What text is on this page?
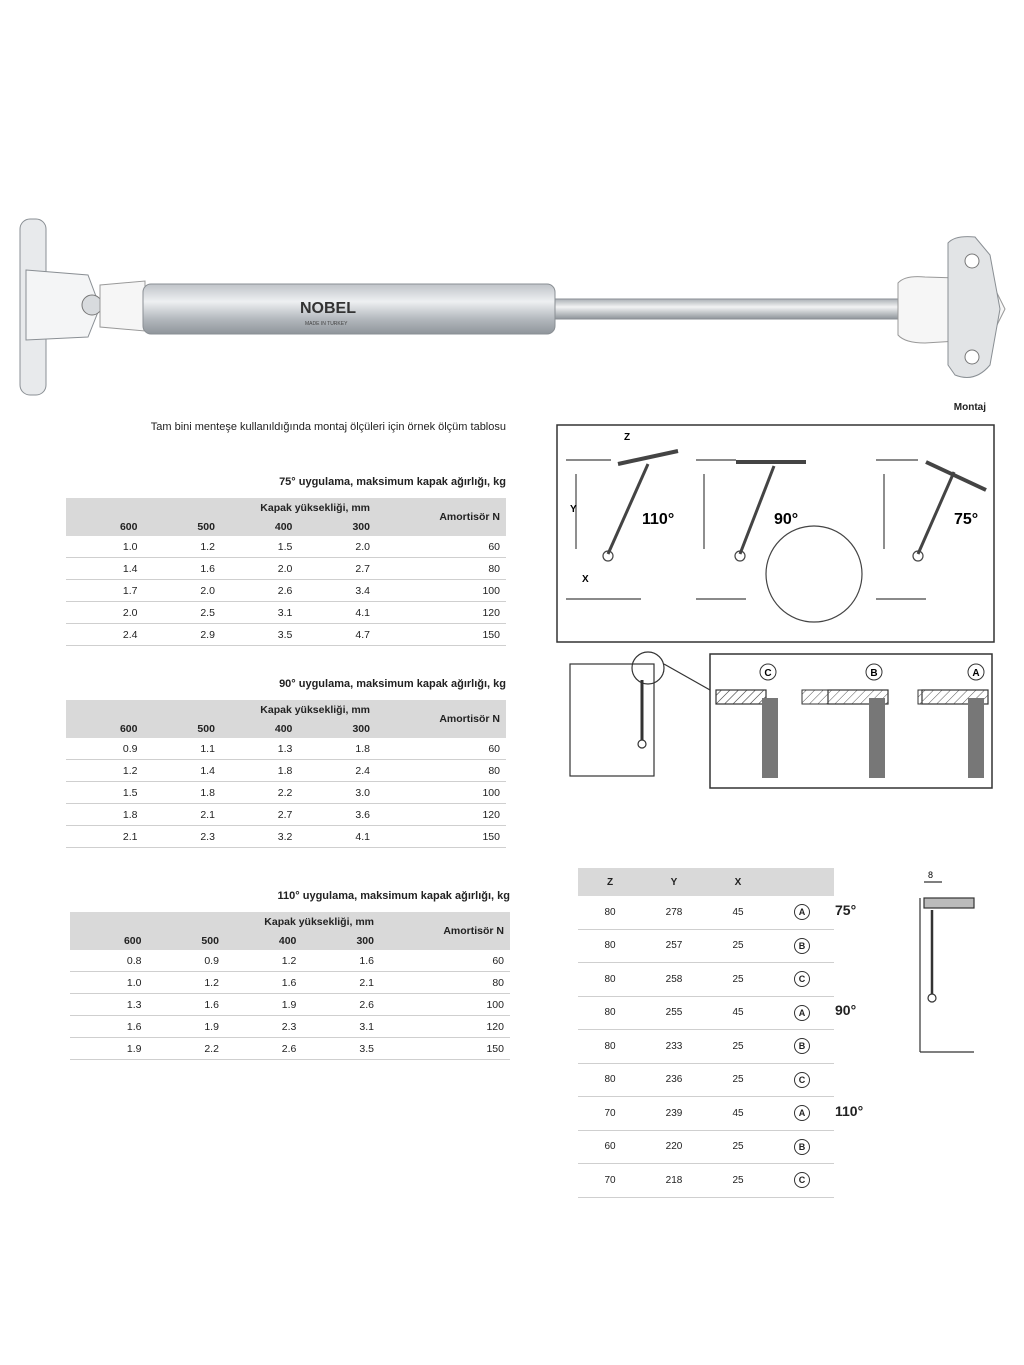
NOBEL
MADE IN TURKEY
Tam bini menteşe kullanıldığında montaj ölçüleri için örnek ölçüm tablosu
75° uygulama, maksimum kapak ağırlığı, kg
Kapak yüksekliği, mm				Amortisör N
600	500	400	300	
1.0	1.2	1.5	2.0	60
1.4	1.6	2.0	2.7	80
1.7	2.0	2.6	3.4	100
2.0	2.5	3.1	4.1	120
2.4	2.9	3.5	4.7	150
90° uygulama, maksimum kapak ağırlığı, kg
Kapak yüksekliği, mm				Amortisör N
600	500	400	300	
0.9	1.1	1.3	1.8	60
1.2	1.4	1.8	2.4	80
1.5	1.8	2.2	3.0	100
1.8	2.1	2.7	3.6	120
2.1	2.3	3.2	4.1	150
110° uygulama, maksimum kapak ağırlığı, kg
Kapak yüksekliği, mm				Amortisör N
600	500	400	300	
0.8	0.9	1.2	1.6	60
1.0	1.2	1.6	2.1	80
1.3	1.6	1.9	2.6	100
1.6	1.9	2.3	3.1	120
1.9	2.2	2.6	3.5	150
Montaj
110°	90°	75°
Y
X
Z
C	B	A
Z	Y	X		
80	278	45	A	75°
80	257	25	B	
80	258	25	C	
80	255	45	A	90°
80	233	25	B	
80	236	25	C	
70	239	45	A	110°
60	220	25	B	
70	218	25	C	
8
